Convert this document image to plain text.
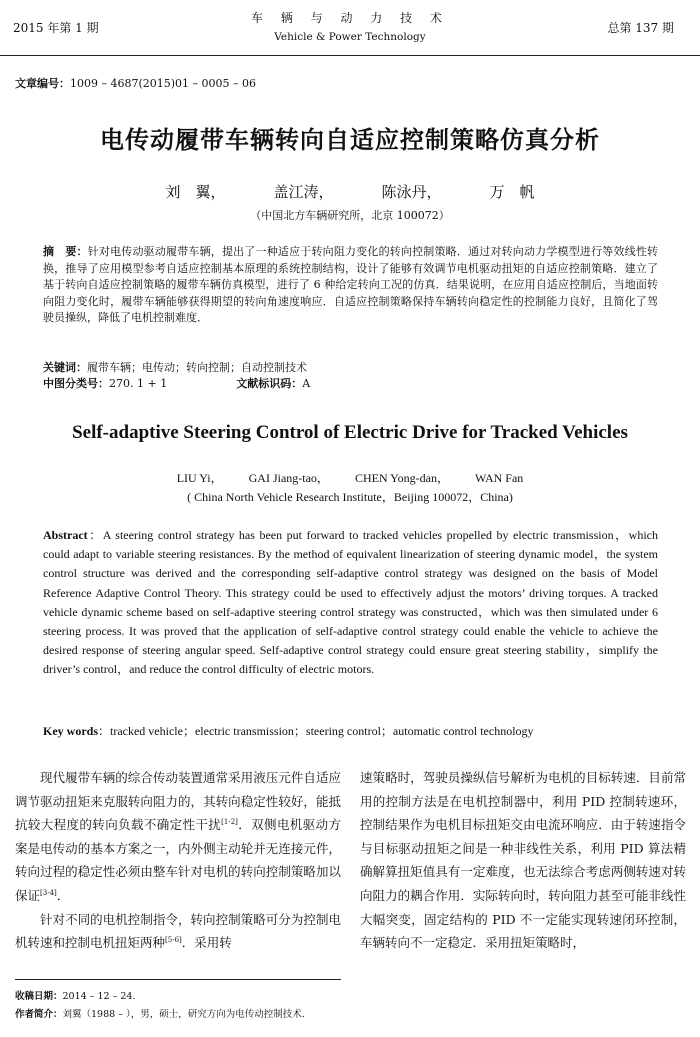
2015 年第 1 期
车 辆 与 动 力 技 术
Vehicle & Power Technology
总第 137 期
文章编号：1009 – 4687(2015)01 – 0005 – 06
电传动履带车辆转向自适应控制策略仿真分析
刘　翼，	盖江涛，	陈泳丹，	万　帆
（中国北方车辆研究所，北京 100072）
摘　要：针对电传动驱动履带车辆，提出了一种适应于转向阻力变化的转向控制策略．通过对转向动力学模型进行等效线性转换，推导了应用模型参考自适应控制基本原理的系统控制结构，设计了能够有效调节电机驱动扭矩的自适应控制策略．建立了基于转向自适应控制策略的履带车辆仿真模型，进行了 6 种给定转向工况的仿真．结果说明，在应用自适应控制后，当地面转向阻力变化时，履带车辆能够获得期望的转向角速度响应．自适应控制策略保持车辆转向稳定性的控制能力良好，且简化了驾驶员操纵，降低了电机控制难度．
关键词：履带车辆；电传动；转向控制；自动控制技术
中图分类号：270. 1 + 1	文献标识码：A
Self-adaptive Steering Control of Electric Drive for Tracked Vehicles
LIU Yi， GAI Jiang-tao， CHEN Yong-dan， WAN Fan
( China North Vehicle Research Institute，Beijing 100072，China)
Abstract：A steering control strategy has been put forward to tracked vehicles propelled by electric transmission，which could adapt to variable steering resistances. By the method of equivalent linearization of steering dynamic model，the system control structure was derived and the corresponding self-adaptive control strategy was designed on the basis of Model Reference Adaptive Control Theory. This strategy could be used to effectively adjust the motors’ driving torques. A tracked vehicle dynamic scheme based on self-adaptive steering control strategy was constructed，which was then simulated under 6 steering process. It was proved that the application of self-adaptive control strategy could enable the vehicle to achieve the desired response of steering angular speed. Self-adaptive control strategy could ensure great steering stability，simplify the driver’s control，and reduce the control difficulty of electric motors.
Key words：tracked vehicle；electric transmission；steering control；automatic control technology
现代履带车辆的综合传动装置通常采用液压元件自适应调节驱动扭矩来克服转向阻力的，其转向稳定性较好，能抵抗较大程度的转向负载不确定性干扰[1-2]．双侧电机驱动方案是电传动的基本方案之一，内外侧主动轮并无连接元件，转向过程的稳定性必须由整车针对电机的转向控制策略加以保证[3-4]．
针对不同的电机控制指令，转向控制策略可分为控制电机转速和控制电机扭矩两种[5-6]．采用转
速策略时，驾驶员操纵信号解析为电机的目标转速．目前常用的控制方法是在电机控制器中，利用 PID 控制转速环，控制结果作为电机目标扭矩交由电流环响应．由于转速指令与目标驱动扭矩之间是一种非线性关系，利用 PID 算法精确解算扭矩值具有一定难度，也无法综合考虑两侧转速对转向阻力的耦合作用．实际转向时，转向阻力甚至可能非线性大幅突变，固定结构的 PID 不一定能实现转速闭环控制，车辆转向不一定稳定．采用扭矩策略时，
收稿日期：2014 – 12 – 24.
作者简介：刘翼（1988 – ），男，硕士，研究方向为电传动控制技术.
